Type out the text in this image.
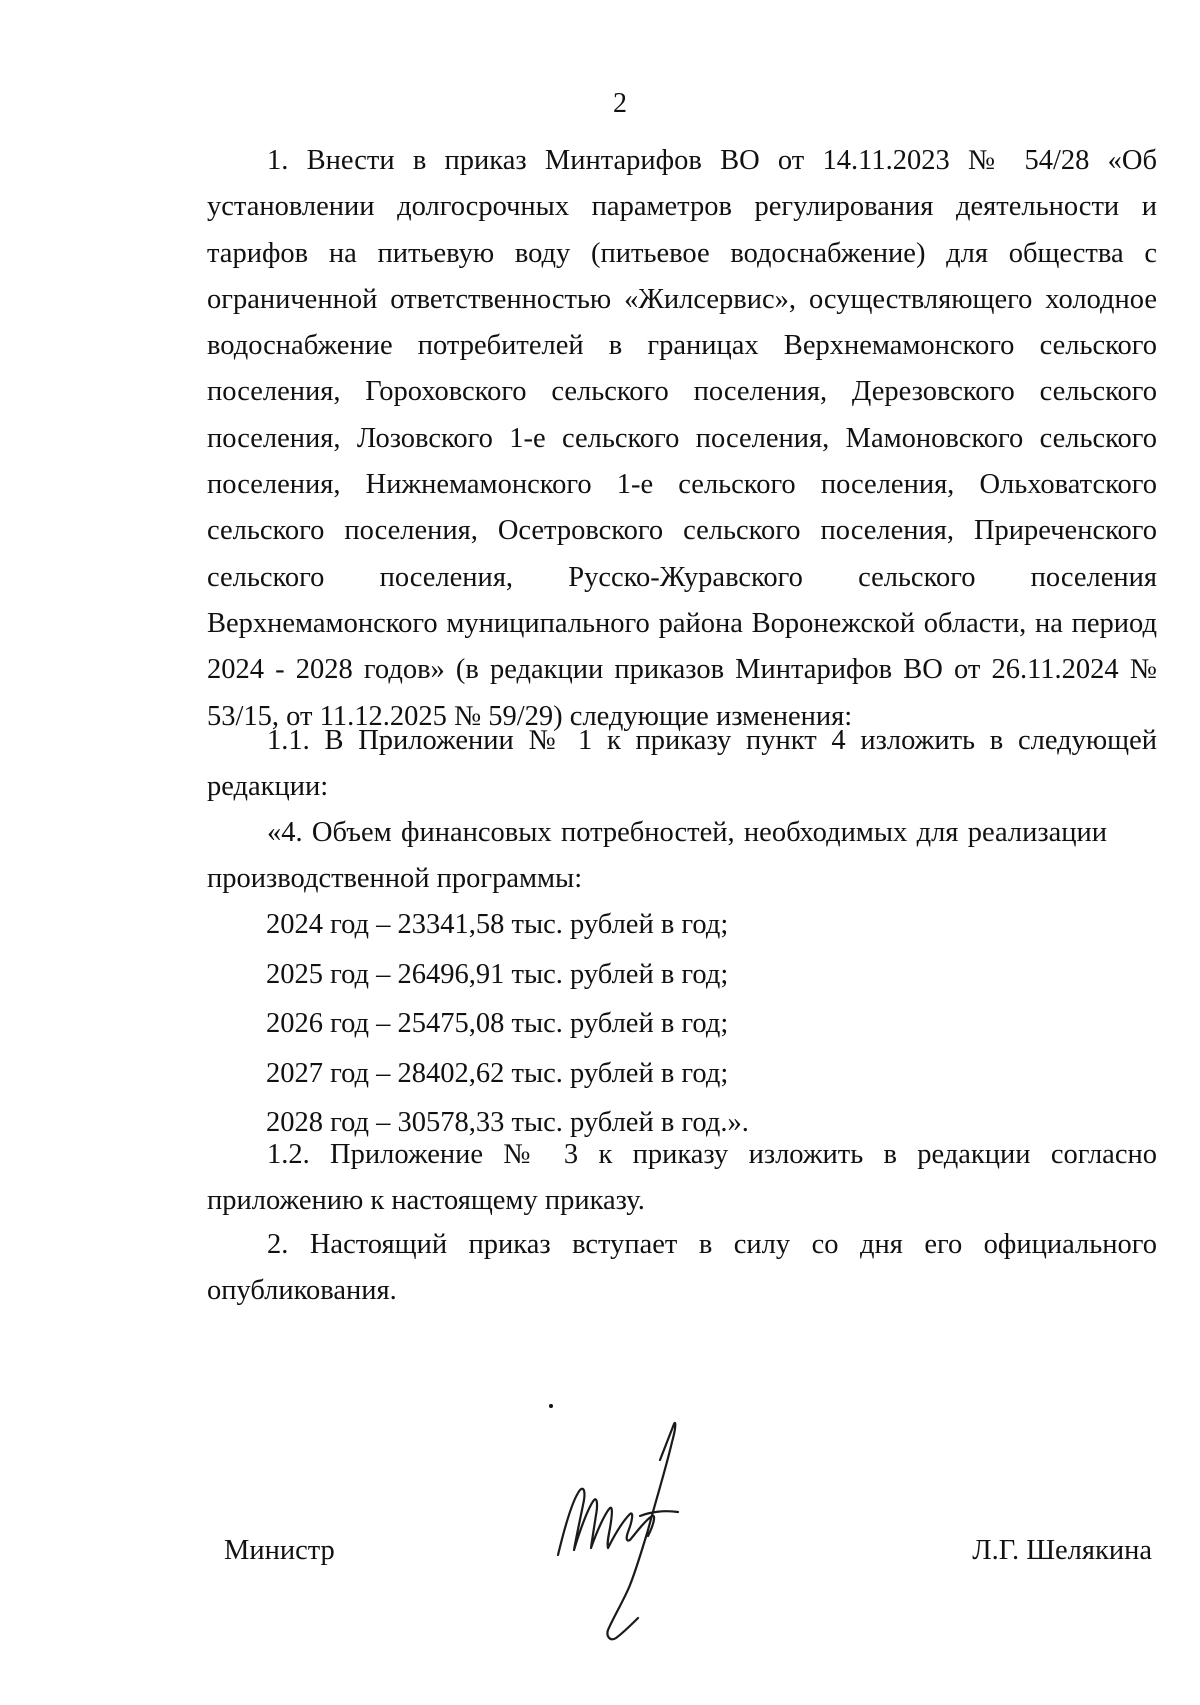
2

1. Внести в приказ Минтарифов ВО от 14.11.2023 № 54/28 «Об установлении долгосрочных параметров регулирования деятельности и тарифов на питьевую воду (питьевое водоснабжение) для общества с ограниченной ответственностью «Жилсервис», осуществляющего холодное водоснабжение потребителей в границах Верхнемамонского сельского поселения, Гороховского сельского поселения, Дерезовского сельского поселения, Лозовского 1-е сельского поселения, Мамоновского сельского поселения, Нижнемамонского 1-е сельского поселения, Ольховатского сельского поселения, Осетровского сельского поселения, Приреченского сельского поселения, Русско-Журавского сельского поселения Верхнемамонского муниципального района Воронежской области, на период 2024 - 2028 годов» (в редакции приказов Минтарифов ВО от 26.11.2024 № 53/15, от 11.12.2025 № 59/29) следующие изменения:

1.1. В Приложении № 1 к приказу пункт 4 изложить в следующей редакции:

«4. Объем финансовых потребностей, необходимых для реализации производственной программы:

2024 год – 23341,58 тыс. рублей в год;
2025 год – 26496,91 тыс. рублей в год;
2026 год – 25475,08 тыс. рублей в год;
2027 год – 28402,62 тыс. рублей в год;
2028 год – 30578,33 тыс. рублей в год.».

1.2. Приложение № 3 к приказу изложить в редакции согласно приложению к настоящему приказу.

2. Настоящий приказ вступает в силу со дня его официального опубликования.

Министр	Л.Г. Шелякина
